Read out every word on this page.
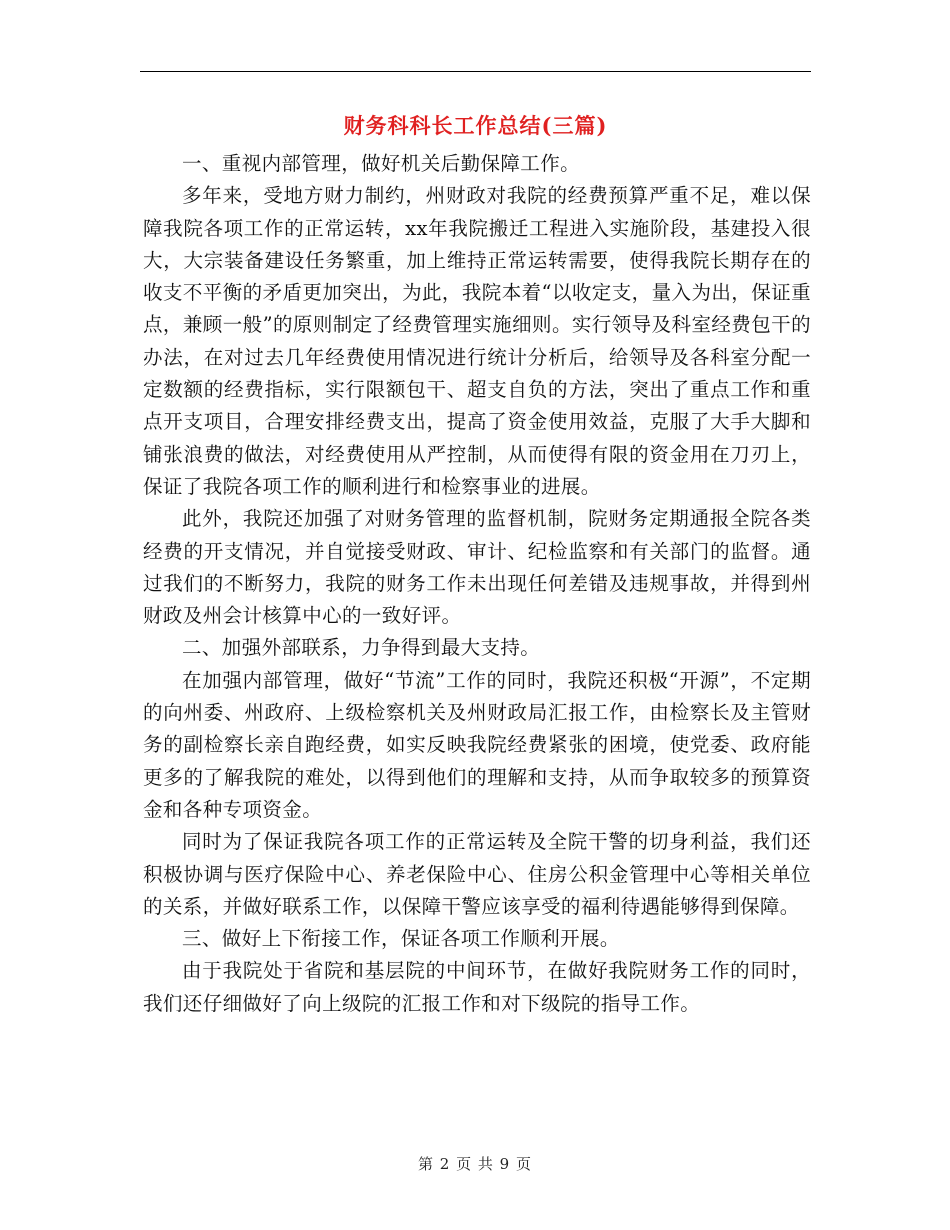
财务科科长工作总结(三篇)

一、重视内部管理，做好机关后勤保障工作。

多年来，受地方财力制约，州财政对我院的经费预算严重不足，难以保障我院各项工作的正常运转，xx年我院搬迁工程进入实施阶段，基建投入很大，大宗装备建设任务繁重，加上维持正常运转需要，使得我院长期存在的收支不平衡的矛盾更加突出，为此，我院本着“以收定支，量入为出，保证重点，兼顾一般”的原则制定了经费管理实施细则。实行领导及科室经费包干的办法，在对过去几年经费使用情况进行统计分析后，给领导及各科室分配一定数额的经费指标，实行限额包干、超支自负的方法，突出了重点工作和重点开支项目，合理安排经费支出，提高了资金使用效益，克服了大手大脚和铺张浪费的做法，对经费使用从严控制，从而使得有限的资金用在刀刃上，保证了我院各项工作的顺利进行和检察事业的进展。

此外，我院还加强了对财务管理的监督机制，院财务定期通报全院各类经费的开支情况，并自觉接受财政、审计、纪检监察和有关部门的监督。通过我们的不断努力，我院的财务工作未出现任何差错及违规事故，并得到州财政及州会计核算中心的一致好评。

二、加强外部联系，力争得到最大支持。

在加强内部管理，做好“节流”工作的同时，我院还积极“开源”，不定期的向州委、州政府、上级检察机关及州财政局汇报工作，由检察长及主管财务的副检察长亲自跑经费，如实反映我院经费紧张的困境，使党委、政府能更多的了解我院的难处，以得到他们的理解和支持，从而争取较多的预算资金和各种专项资金。

同时为了保证我院各项工作的正常运转及全院干警的切身利益，我们还积极协调与医疗保险中心、养老保险中心、住房公积金管理中心等相关单位的关系，并做好联系工作，以保障干警应该享受的福利待遇能够得到保障。

三、做好上下衔接工作，保证各项工作顺利开展。

由于我院处于省院和基层院的中间环节，在做好我院财务工作的同时，我们还仔细做好了向上级院的汇报工作和对下级院的指导工作。

第 2 页 共 9 页
